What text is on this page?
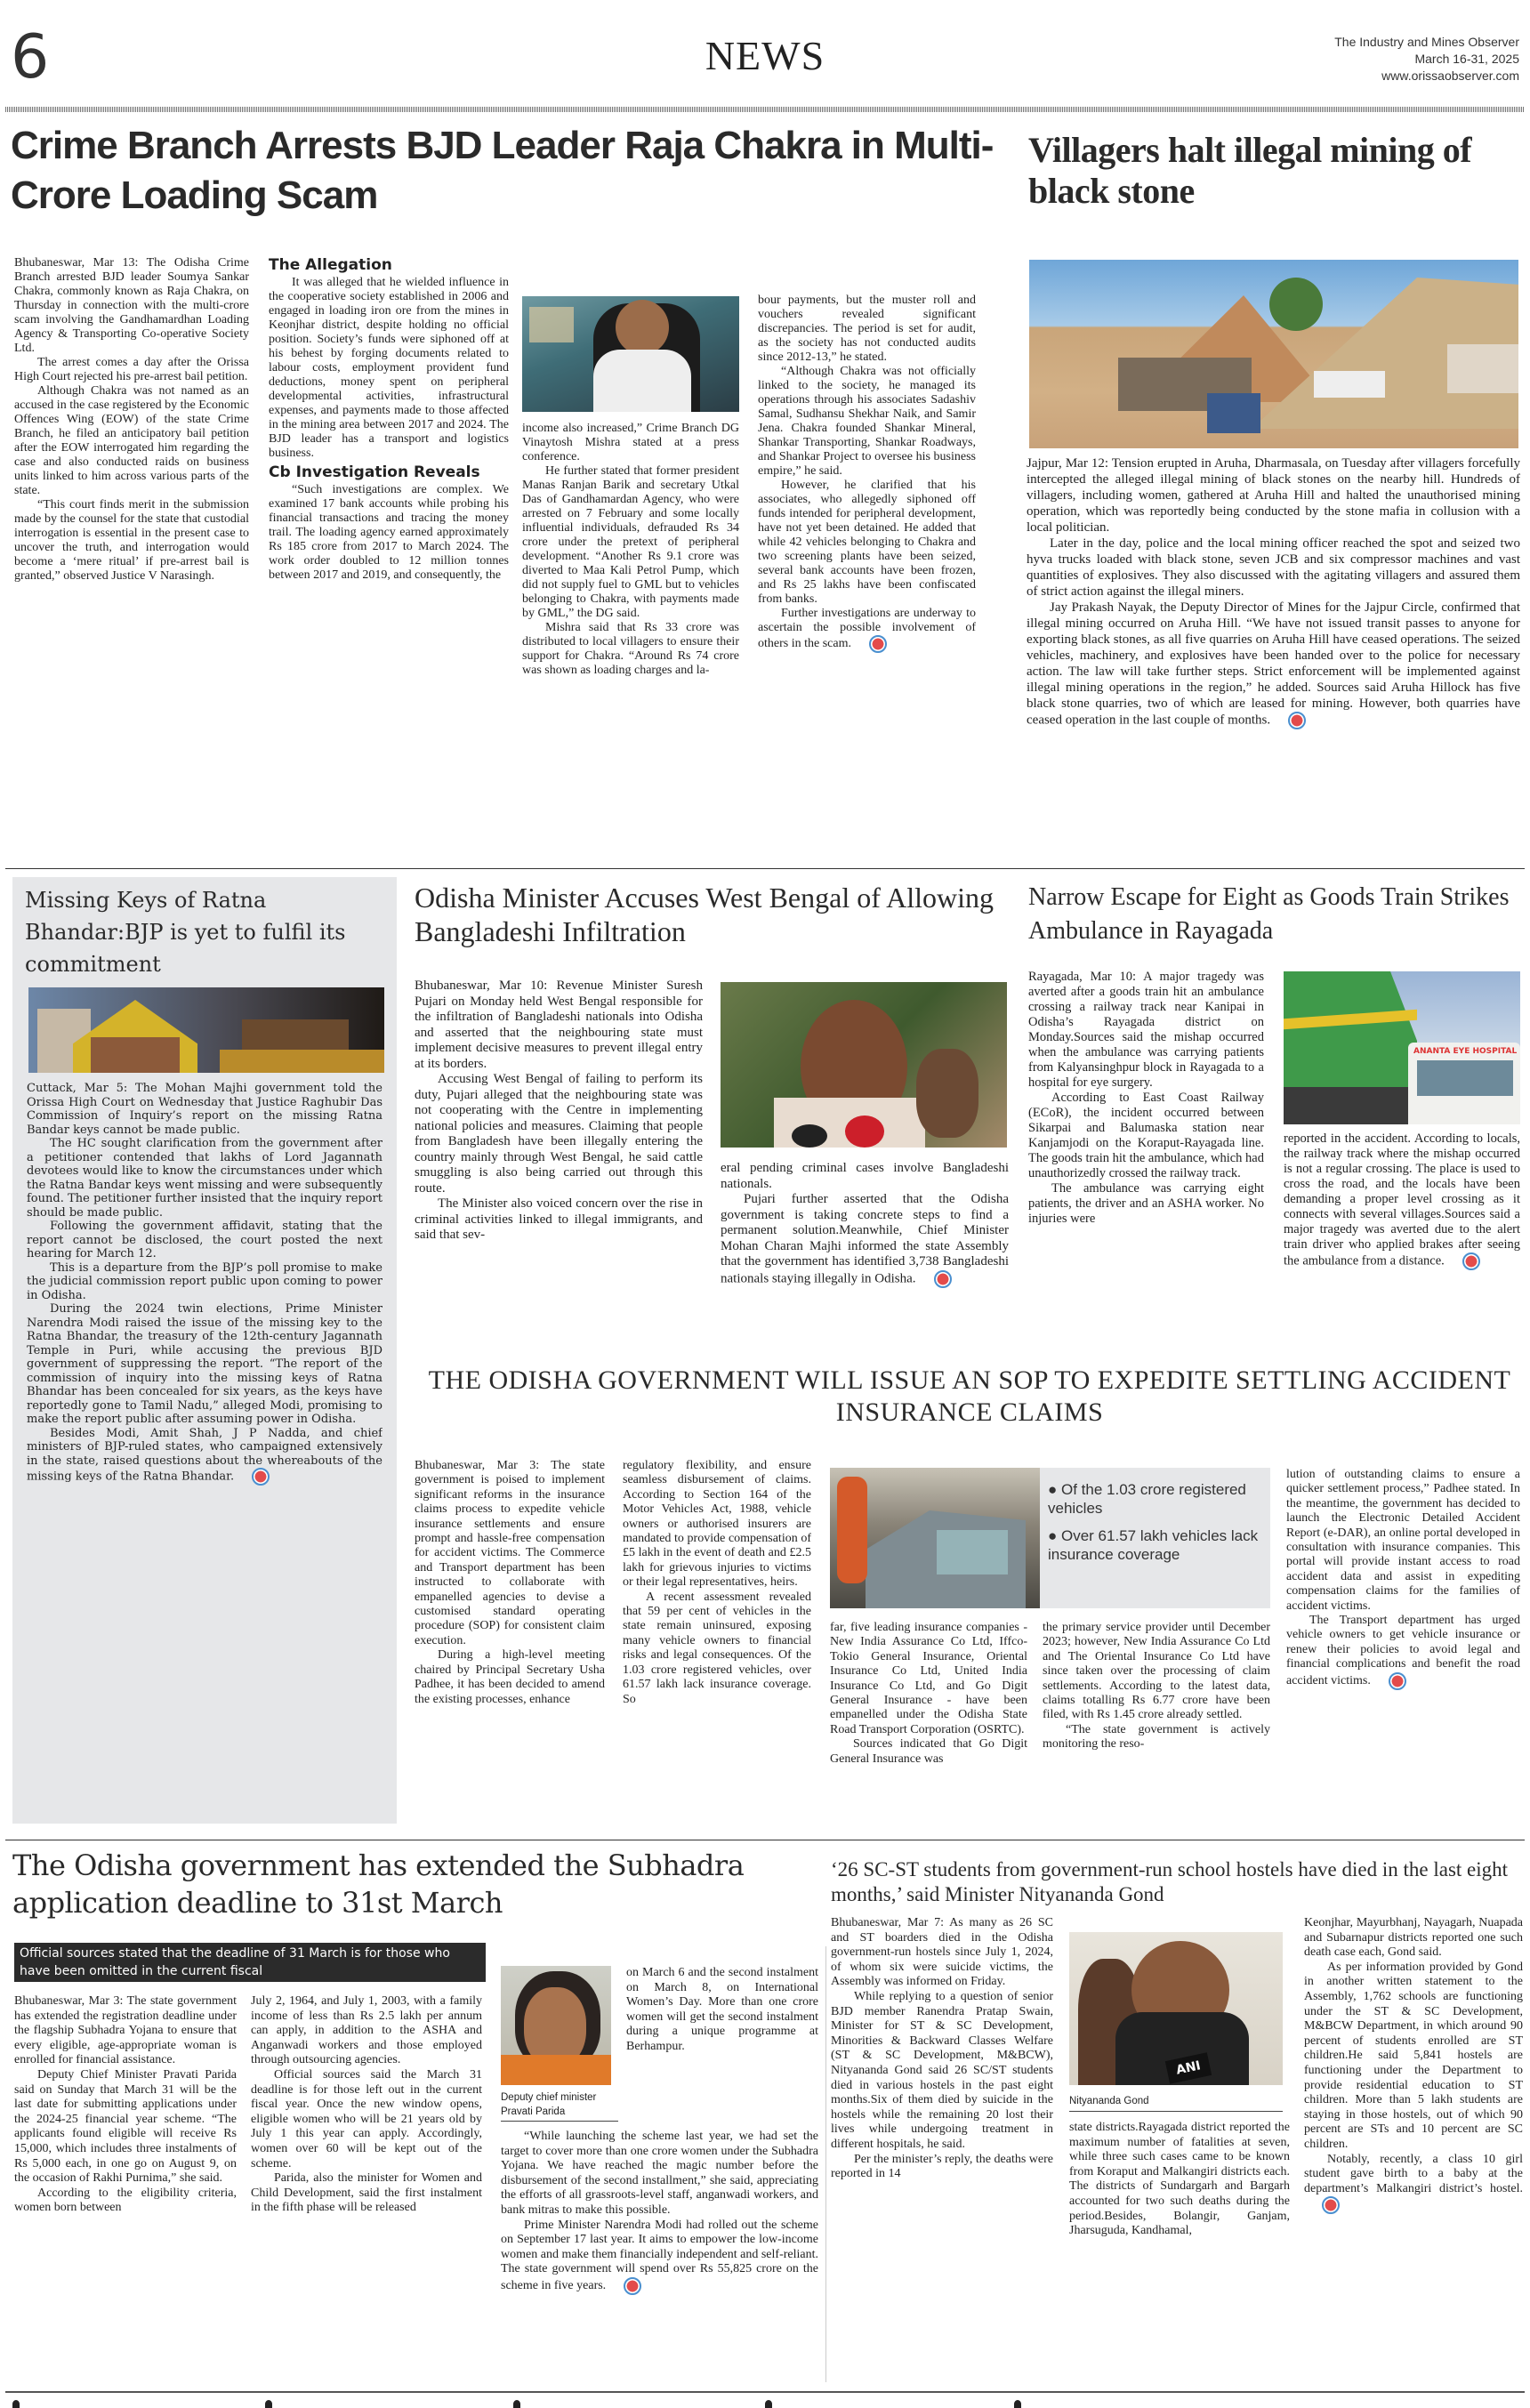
6	NEWS	The Industry and Mines Observer
March 16-31, 2025
www.orissaobserver.com
Crime Branch Arrests BJD Leader Raja Chakra in Multi-Crore Loading Scam

Bhubaneswar, Mar 13: The Odisha Crime Branch arrested BJD leader Soumya Sankar Chakra, commonly known as Raja Chakra, on Thursday in connection with the multi-crore scam involving the Gandhamardhan Loading Agency & Transporting Co-operative Society Ltd.

The arrest comes a day after the Orissa High Court rejected his pre-arrest bail petition.

Although Chakra was not named as an accused in the case registered by the Economic Offences Wing (EOW) of the state Crime Branch, he filed an anticipatory bail petition after the EOW interrogated him regarding the case and also conducted raids on business units linked to him across various parts of the state.

“This court finds merit in the submission made by the counsel for the state that custodial interrogation is essential in the present case to uncover the truth, and interrogation would become a ‘mere ritual’ if pre-arrest bail is granted,” observed Justice V Narasingh.

The Allegation

It was alleged that he wielded influence in the cooperative society established in 2006 and engaged in loading iron ore from the mines in Keonjhar district, despite holding no official position. Society’s funds were siphoned off at his behest by forging documents related to labour costs, employment provident fund deductions, money spent on peripheral developmental activities, infrastructural expenses, and payments made to those affected in the mining area between 2017 and 2024. The BJD leader has a transport and logistics business.

Cb Investigation Reveals

“Such investigations are complex. We examined 17 bank accounts while probing his financial transactions and tracing the money trail. The loading agency earned approximately Rs 185 crore from 2017 to March 2024. The work order doubled to 12 million tonnes between 2017 and 2019, and consequently, the

income also increased,” Crime Branch DG Vinaytosh Mishra stated at a press conference.

He further stated that former president Manas Ranjan Barik and secretary Utkal Das of Gandhamardan Agency, who were arrested on 7 February and some locally influential individuals, defrauded Rs 34 crore under the pretext of peripheral development. “Another Rs 9.1 crore was diverted to Maa Kali Petrol Pump, which did not supply fuel to GML but to vehicles belonging to Chakra, with payments made by GML,” the DG said.

Mishra said that Rs 33 crore was distributed to local villagers to ensure their support for Chakra. “Around Rs 74 crore was shown as loading charges and la-

bour payments, but the muster roll and vouchers revealed significant discrepancies. The period is set for audit, as the society has not conducted audits since 2012-13,” he stated.

“Although Chakra was not officially linked to the society, he managed its operations through his associates Sadashiv Samal, Sudhansu Shekhar Naik, and Samir Jena. Chakra founded Shankar Mineral, Shankar Transporting, Shankar Roadways, and Shankar Project to oversee his business empire,” he said.

However, he clarified that his associates, who allegedly siphoned off funds intended for peripheral development, have not yet been detained. He added that while 42 vehicles belonging to Chakra and two screening plants have been seized, several bank accounts have been frozen, and Rs 25 lakhs have been confiscated from banks.

Further investigations are underway to ascertain the possible involvement of others in the scam.

Villagers halt illegal mining of black stone

Jajpur, Mar 12: Tension erupted in Aruha, Dharmasala, on Tuesday after villagers forcefully intercepted the alleged illegal mining of black stones on the nearby hill. Hundreds of villagers, including women, gathered at Aruha Hill and halted the unauthorised mining operation, which was reportedly being conducted by the stone mafia in collusion with a local politician.

Later in the day, police and the local mining officer reached the spot and seized two hyva trucks loaded with black stone, seven JCB and six compressor machines and vast quantities of explosives. They also discussed with the agitating villagers and assured them of strict action against the illegal miners.

Jay Prakash Nayak, the Deputy Director of Mines for the Jajpur Circle, confirmed that illegal mining occurred on Aruha Hill. “We have not issued transit passes to anyone for exporting black stones, as all five quarries on Aruha Hill have ceased operations. The seized vehicles, machinery, and explosives have been handed over to the police for necessary action. The law will take further steps. Strict enforcement will be implemented against illegal mining operations in the region,” he added. Sources said Aruha Hillock has five black stone quarries, two of which are leased for mining. However, both quarries have ceased operation in the last couple of months.

Missing Keys of Ratna Bhandar:BJP is yet to fulfil its commitment

Cuttack, Mar 5: The Mohan Majhi government told the Orissa High Court on Wednesday that Justice Raghubir Das Commission of Inquiry’s report on the missing Ratna Bandar keys cannot be made public.

The HC sought clarification from the government after a petitioner contended that lakhs of Lord Jagannath devotees would like to know the circumstances under which the Ratna Bandar keys went missing and were subsequently found. The petitioner further insisted that the inquiry report should be made public.

Following the government affidavit, stating that the report cannot be disclosed, the court posted the next hearing for March 12.

This is a departure from the BJP’s poll promise to make the judicial commission report public upon coming to power in Odisha.

During the 2024 twin elections, Prime Minister Narendra Modi raised the issue of the missing key to the Ratna Bhandar, the treasury of the 12th-century Jagannath Temple in Puri, while accusing the previous BJD government of suppressing the report. “The report of the commission of inquiry into the missing keys of Ratna Bhandar has been concealed for six years, as the keys have reportedly gone to Tamil Nadu,” alleged Modi, promising to make the report public after assuming power in Odisha.

Besides Modi, Amit Shah, J P Nadda, and chief ministers of BJP-ruled states, who campaigned extensively in the state, raised questions about the whereabouts of the missing keys of the Ratna Bhandar.

Odisha Minister Accuses West Bengal of Allowing Bangladeshi Infiltration

Bhubaneswar, Mar 10: Revenue Minister Suresh Pujari on Monday held West Bengal responsible for the infiltration of Bangladeshi nationals into Odisha and asserted that the neighbouring state must implement decisive measures to prevent illegal entry at its borders.

Accusing West Bengal of failing to perform its duty, Pujari alleged that the neighbouring state was not cooperating with the Centre in implementing national policies and measures. Claiming that people from Bangladesh have been illegally entering the country mainly through West Bengal, he said cattle smuggling is also being carried out through this route.

The Minister also voiced concern over the rise in criminal activities linked to illegal immigrants, and said that sev-

eral pending criminal cases involve Bangladeshi nationals.

Pujari further asserted that the Odisha government is taking concrete steps to find a permanent solution.Meanwhile, Chief Minister Mohan Charan Majhi informed the state Assembly that the government has identified 3,738 Bangladeshi nationals staying illegally in Odisha.

Narrow Escape for Eight as Goods Train Strikes Ambulance in Rayagada

Rayagada, Mar 10: A major tragedy was averted after a goods train hit an ambulance crossing a railway track near Kanipai in Odisha’s Rayagada district on Monday.Sources said the mishap occurred when the ambulance was carrying patients from Kalyansinghpur block in Rayagada to a hospital for eye surgery.

According to East Coast Railway (ECoR), the incident occurred between Sikarpai and Balumaska station near Kanjamjodi on the Koraput-Rayagada line. The goods train hit the ambulance, which had unauthorizedly crossed the railway track.

The ambulance was carrying eight patients, the driver and an ASHA worker. No injuries were

ANANTA EYE HOSPITAL

reported in the accident. According to locals, the railway track where the mishap occurred is not a regular crossing. The place is used to cross the road, and the locals have been demanding a proper level crossing as it connects with several villages.Sources said a major tragedy was averted due to the alert train driver who applied brakes after seeing the ambulance from a distance.

THE ODISHA GOVERNMENT WILL ISSUE AN SOP TO EXPEDITE SETTLING ACCIDENT INSURANCE CLAIMS

Bhubaneswar, Mar 3: The state government is poised to implement significant reforms in the insurance claims process to expedite vehicle insurance settlements and ensure prompt and hassle-free compensation for accident victims. The Commerce and Transport department has been instructed to collaborate with empanelled agencies to devise a customised standard operating procedure (SOP) for consistent claim execution.

During a high-level meeting chaired by Principal Secretary Usha Padhee, it has been decided to amend the existing processes, enhance

regulatory flexibility, and ensure seamless disbursement of claims. According to Section 164 of the Motor Vehicles Act, 1988, vehicle owners or authorised insurers are mandated to provide compensation of £5 lakh in the event of death and £2.5 lakh for grievous injuries to victims or their legal representatives, heirs.

A recent assessment revealed that 59 per cent of vehicles in the state remain uninsured, exposing many vehicle owners to financial risks and legal consequences. Of the 1.03 crore registered vehicles, over 61.57 lakh lack insurance coverage. So

● Of the 1.03 crore registered vehicles
● Over 61.57 lakh vehicles lack insurance coverage

far, five leading insurance companies - New India Assurance Co Ltd, Iffco-Tokio General Insurance, Oriental Insurance Co Ltd, United India Insurance Co Ltd, and Go Digit General Insurance - have been empanelled under the Odisha State Road Transport Corporation (OSRTC).

Sources indicated that Go Digit General Insurance was

the primary service provider until December 2023; however, New India Assurance Co Ltd and The Oriental Insurance Co Ltd have since taken over the processing of claim settlements. According to the latest data, claims totalling Rs 6.77 crore have been filed, with Rs 1.45 crore already settled.

“The state government is actively monitoring the reso-

lution of outstanding claims to ensure a quicker settlement process,” Padhee stated. In the meantime, the government has decided to launch the Electronic Detailed Accident Report (e-DAR), an online portal developed in consultation with insurance companies. This portal will provide instant access to road accident data and assist in expediting compensation claims for the families of accident victims.

The Transport department has urged vehicle owners to get vehicle insurance or renew their policies to avoid legal and financial complications and benefit the road accident victims.

The Odisha government has extended the Subhadra application deadline to 31st March
Official sources stated that the deadline of 31 March is for those who have been omitted in the current fiscal

Bhubaneswar, Mar 3: The state government has extended the registration deadline under the flagship Subhadra Yojana to ensure that every eligible, age-appropriate woman is enrolled for financial assistance.

Deputy Chief Minister Pravati Parida said on Sunday that March 31 will be the last date for submitting applications under the 2024-25 financial year scheme. “The applicants found eligible will receive Rs 15,000, which includes three instalments of Rs 5,000 each, in one go on August 9, on the occasion of Rakhi Purnima,” she said.

According to the eligibility criteria, women born between

July 2, 1964, and July 1, 2003, with a family income of less than Rs 2.5 lakh per annum can apply, in addition to the ASHA and Anganwadi workers and those employed through outsourcing agencies.

Official sources said the March 31 deadline is for those left out in the current fiscal year. Once the new window opens, eligible women who will be 21 years old by July 1 this year can apply. Accordingly, women over 60 will be kept out of the scheme.

Parida, also the minister for Women and Child Development, said the first instalment in the fifth phase will be released

Deputy chief minister
Pravati Parida

on March 6 and the second instalment on March 8, on International Women’s Day. More than one crore women will get the second instalment during a unique programme at Berhampur.

“While launching the scheme last year, we had set the target to cover more than one crore women under the Subhadra Yojana. We have reached the magic number before the disbursement of the second installment,” she said, appreciating the efforts of all grassroots-level staff, anganwadi workers, and bank mitras to make this possible.

Prime Minister Narendra Modi had rolled out the scheme on September 17 last year. It aims to empower the low-income women and make them financially independent and self-reliant. The state government will spend over Rs 55,825 crore on the scheme in five years.

‘26 SC-ST students from government-run school hostels have died in the last eight months,’ said Minister Nityananda Gond

Bhubaneswar, Mar 7: As many as 26 SC and ST boarders died in the Odisha government-run hostels since July 1, 2024, of whom six were suicide victims, the Assembly was informed on Friday.

While replying to a question of senior BJD member Ranendra Pratap Swain, Minister for ST & SC Development, Minorities & Backward Classes Welfare (ST & SC Development, M&BCW), Nityananda Gond said 26 SC/ST students died in various hostels in the past eight months.Six of them died by suicide in the hostels while the remaining 20 lost their lives while undergoing treatment in different hospitals, he said.

Per the minister’s reply, the deaths were reported in 14

ANI
Nityananda Gond

state districts.Rayagada district reported the maximum number of fatalities at seven, while three such cases came to be known from Koraput and Malkangiri districts each. The districts of Sundargarh and Bargarh accounted for two such deaths during the period.Besides, Bolangir, Ganjam, Jharsuguda, Kandhamal,

Keonjhar, Mayurbhanj, Nayagarh, Nuapada and Subarnapur districts reported one such death case each, Gond said.

As per information provided by Gond in another written statement to the Assembly, 1,762 schools are functioning under the ST & SC Development, M&BCW Department, in which around 90 percent of students enrolled are ST children.He said 5,841 hostels are functioning under the Department to provide residential education to ST children. More than 5 lakh students are staying in those hostels, out of which 90 percent are STs and 10 percent are SC children.

Notably, recently, a class 10 girl student gave birth to a baby at the department’s Malkangiri district’s hostel.
